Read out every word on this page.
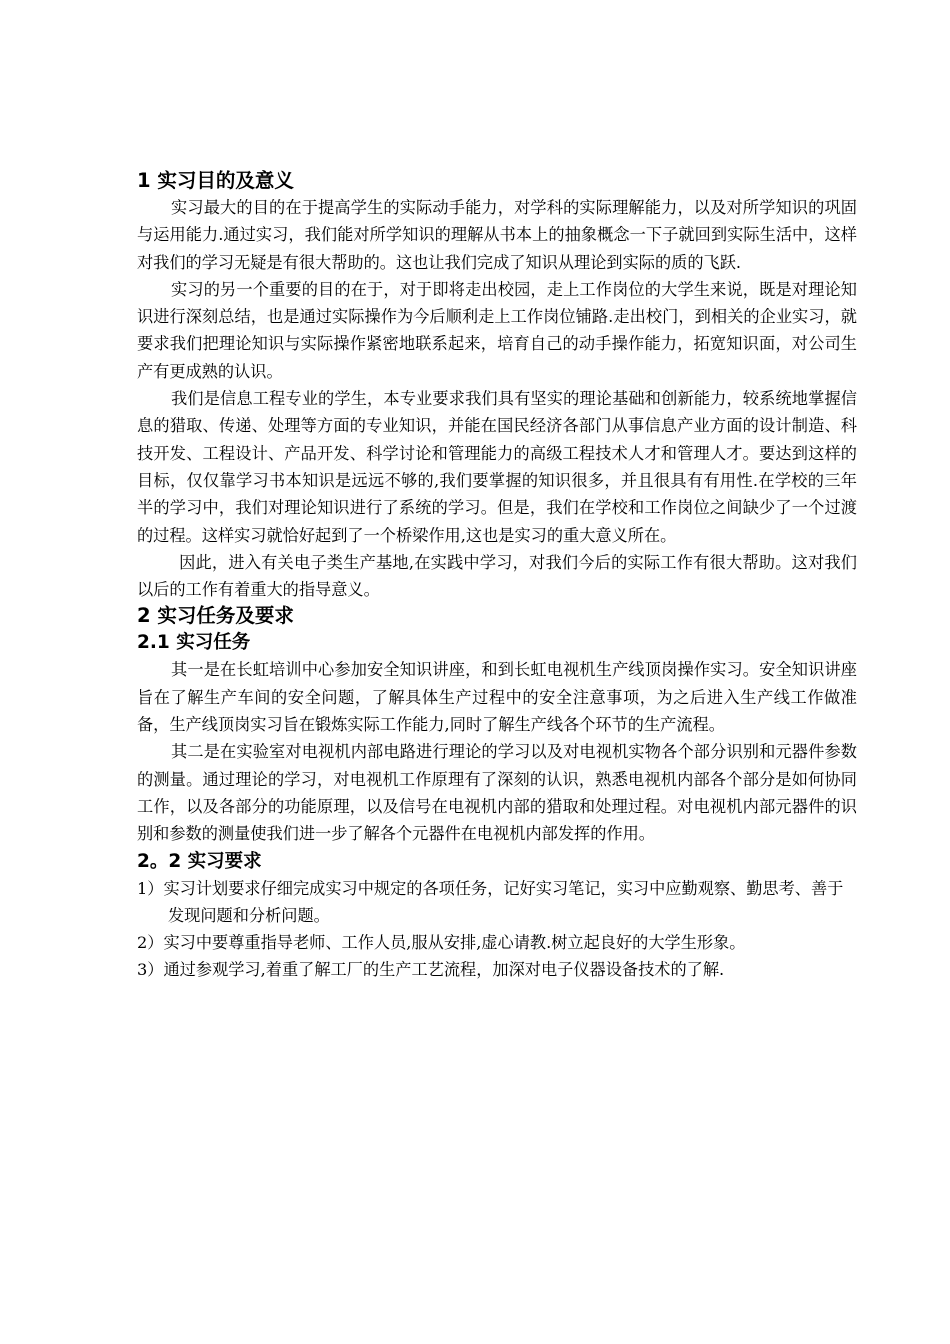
1 实习目的及意义

实习最大的目的在于提高学生的实际动手能力，对学科的实际理解能力，以及对所学知识的巩固与运用能力.通过实习，我们能对所学知识的理解从书本上的抽象概念一下子就回到实际生活中，这样对我们的学习无疑是有很大帮助的。这也让我们完成了知识从理论到实际的质的飞跃.

实习的另一个重要的目的在于，对于即将走出校园，走上工作岗位的大学生来说，既是对理论知识进行深刻总结，也是通过实际操作为今后顺利走上工作岗位铺路.走出校门，到相关的企业实习，就要求我们把理论知识与实际操作紧密地联系起来，培育自己的动手操作能力，拓宽知识面，对公司生产有更成熟的认识。

我们是信息工程专业的学生，本专业要求我们具有坚实的理论基础和创新能力，较系统地掌握信息的猎取、传递、处理等方面的专业知识，并能在国民经济各部门从事信息产业方面的设计制造、科技开发、工程设计、产品开发、科学讨论和管理能力的高级工程技术人才和管理人才。要达到这样的目标，仅仅靠学习书本知识是远远不够的,我们要掌握的知识很多，并且很具有有用性.在学校的三年半的学习中，我们对理论知识进行了系统的学习。但是，我们在学校和工作岗位之间缺少了一个过渡的过程。这样实习就恰好起到了一个桥梁作用,这也是实习的重大意义所在。

因此，进入有关电子类生产基地,在实践中学习，对我们今后的实际工作有很大帮助。这对我们以后的工作有着重大的指导意义。

2 实习任务及要求
2.1 实习任务

其一是在长虹培训中心参加安全知识讲座，和到长虹电视机生产线顶岗操作实习。安全知识讲座旨在了解生产车间的安全问题，了解具体生产过程中的安全注意事项，为之后进入生产线工作做准备，生产线顶岗实习旨在锻炼实际工作能力,同时了解生产线各个环节的生产流程。

其二是在实验室对电视机内部电路进行理论的学习以及对电视机实物各个部分识别和元器件参数的测量。通过理论的学习，对电视机工作原理有了深刻的认识，熟悉电视机内部各个部分是如何协同工作，以及各部分的功能原理，以及信号在电视机内部的猎取和处理过程。对电视机内部元器件的识别和参数的测量使我们进一步了解各个元器件在电视机内部发挥的作用。

2。2 实习要求
1）实习计划要求仔细完成实习中规定的各项任务，记好实习笔记，实习中应勤观察、勤思考、善于发现问题和分析问题。
2）实习中要尊重指导老师、工作人员,服从安排,虚心请教.树立起良好的大学生形象。
3）通过参观学习,着重了解工厂的生产工艺流程，加深对电子仪器设备技术的了解.
